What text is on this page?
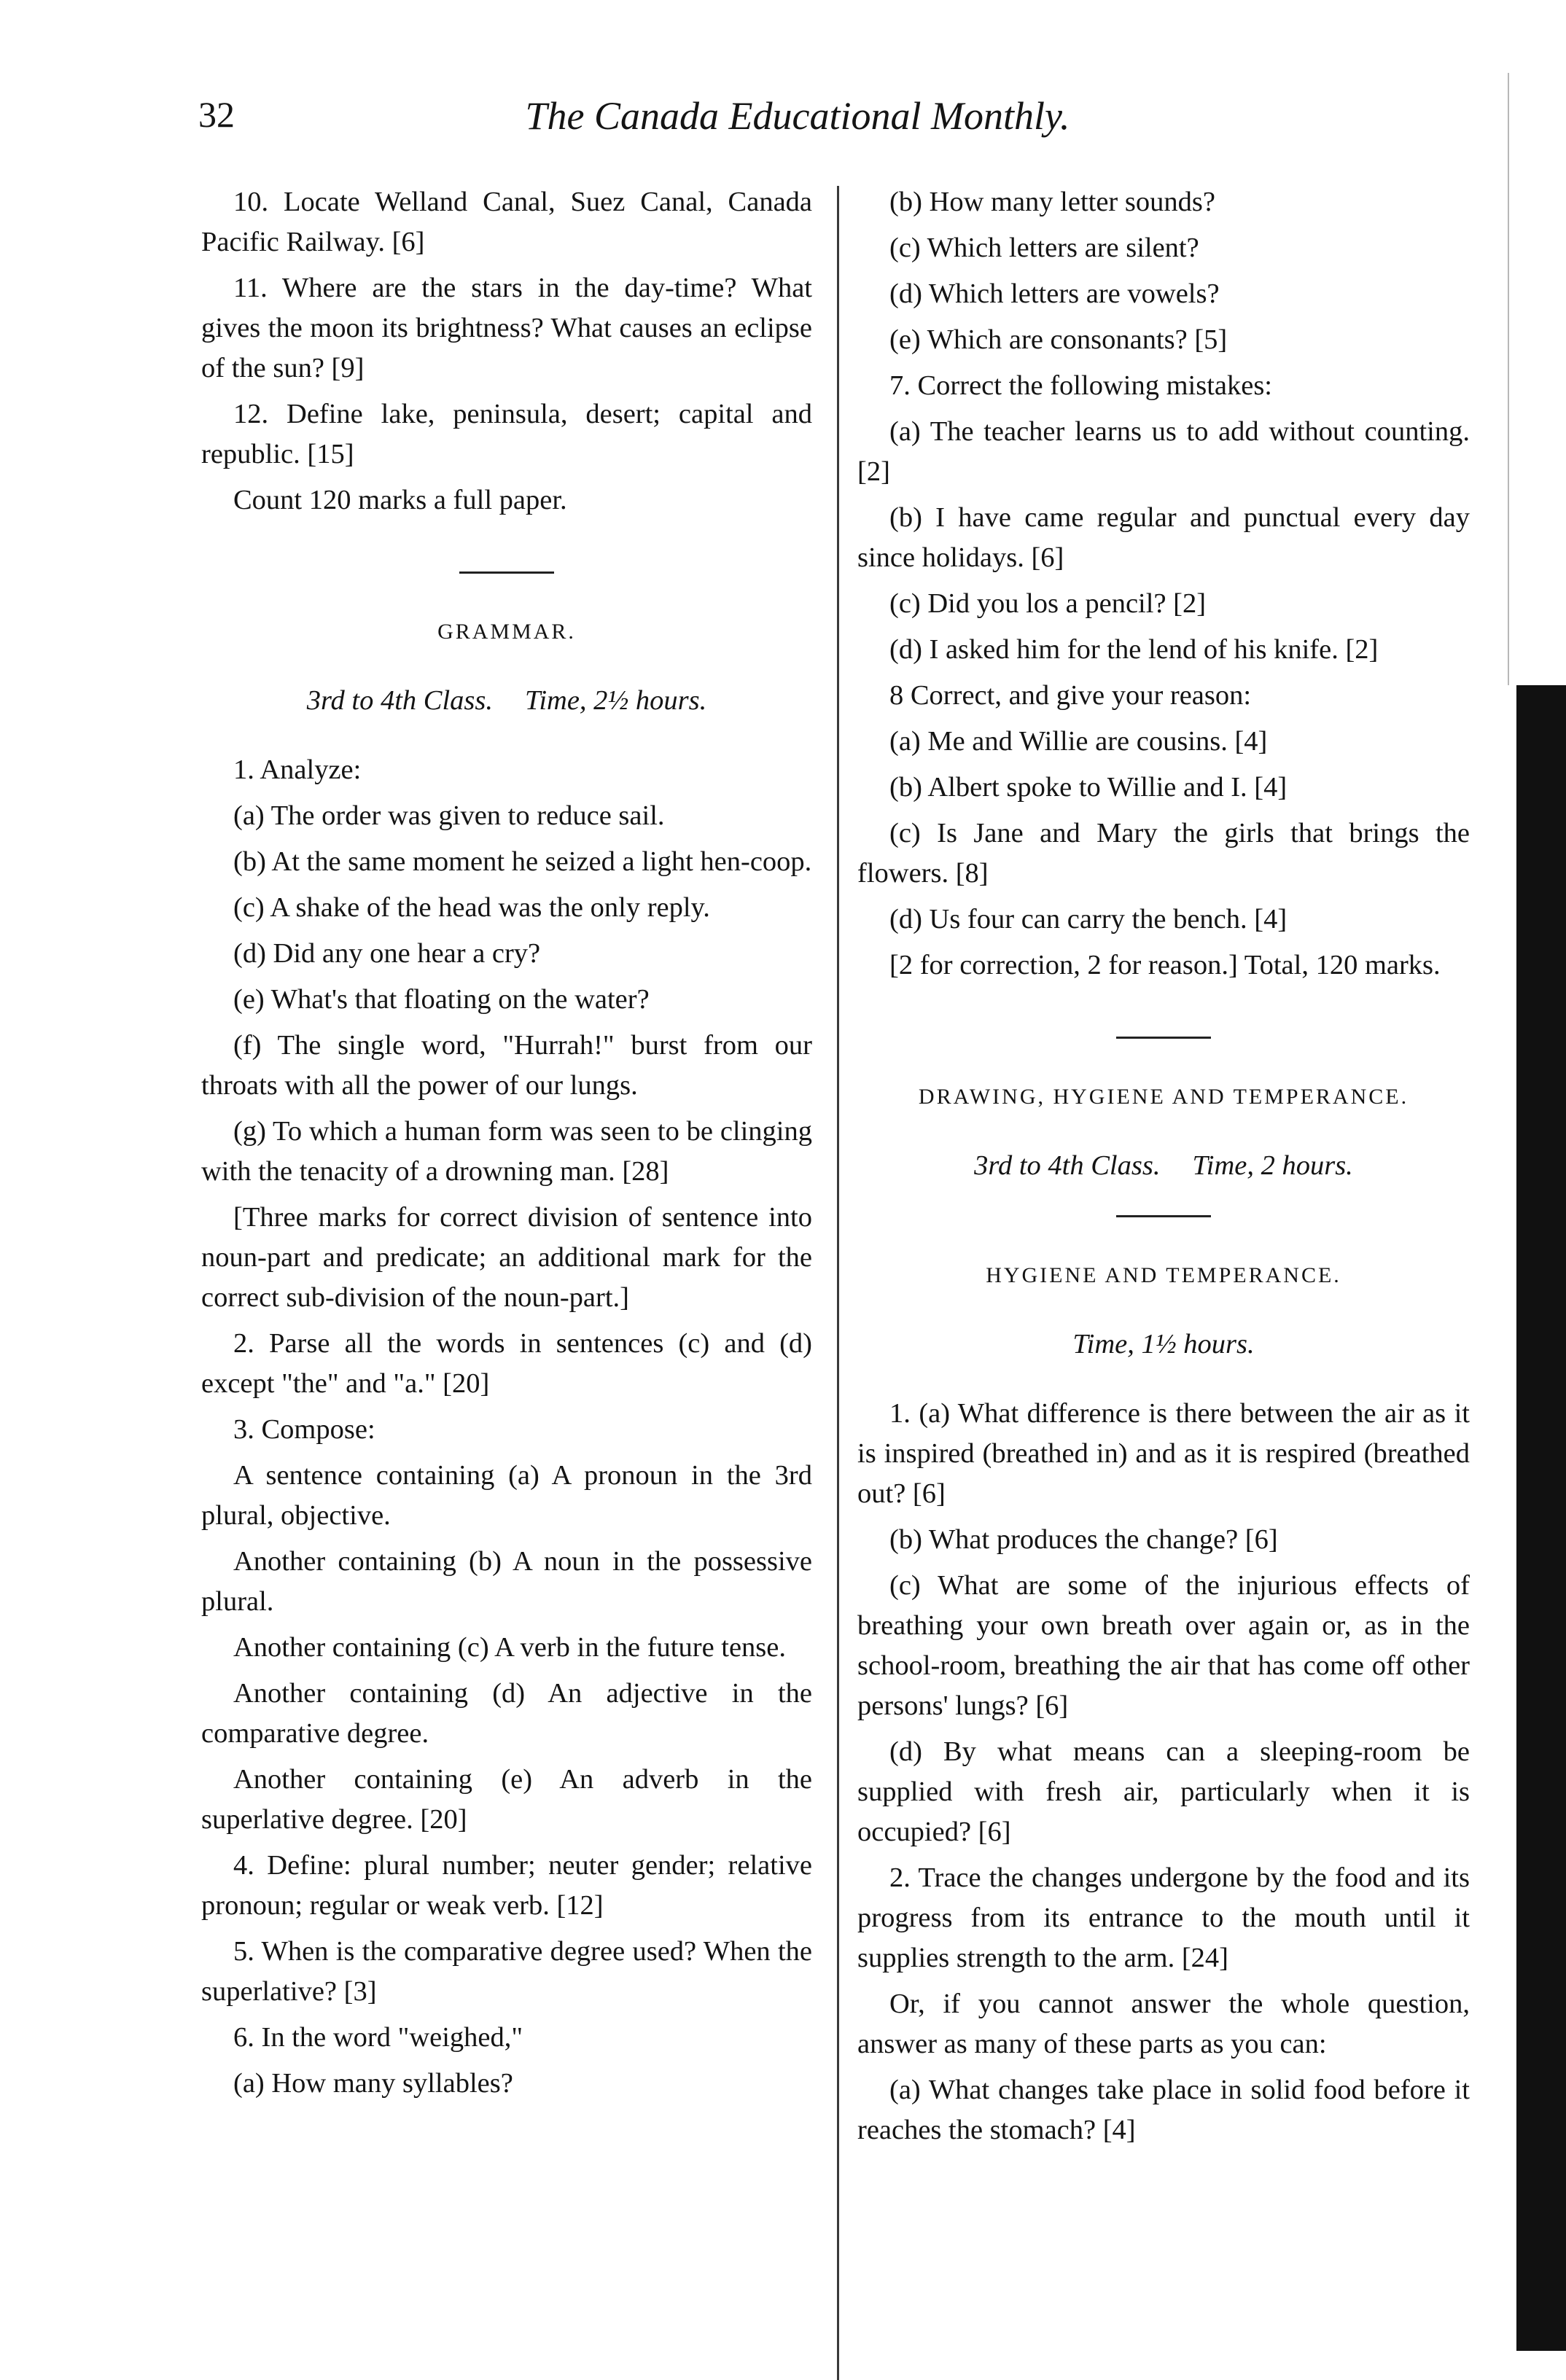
32	The Canada Educational Monthly.

10. Locate Welland Canal, Suez Canal, Canada Pacific Railway. [6]

11. Where are the stars in the day-time? What gives the moon its brightness? What causes an eclipse of the sun? [9]

12. Define lake, peninsula, desert; capital and republic. [15]

Count 120 marks a full paper.

GRAMMAR.
3rd to 4th Class. Time, 2½ hours.

1. Analyze:

(a) The order was given to reduce sail.

(b) At the same moment he seized a light hen-coop.

(c) A shake of the head was the only reply.

(d) Did any one hear a cry?

(e) What's that floating on the water?

(f) The single word, "Hurrah!" burst from our throats with all the power of our lungs.

(g) To which a human form was seen to be clinging with the tenacity of a drowning man. [28]

[Three marks for correct division of sentence into noun-part and predicate; an additional mark for the correct sub-division of the noun-part.]

2. Parse all the words in sentences (c) and (d) except "the" and "a." [20]

3. Compose:

A sentence containing (a) A pronoun in the 3rd plural, objective.

Another containing (b) A noun in the possessive plural.

Another containing (c) A verb in the future tense.

Another containing (d) An adjective in the comparative degree.

Another containing (e) An adverb in the superlative degree. [20]

4. Define: plural number; neuter gender; relative pronoun; regular or weak verb. [12]

5. When is the comparative degree used? When the superlative? [3]

6. In the word "weighed,"

(a) How many syllables?

(b) How many letter sounds?

(c) Which letters are silent?

(d) Which letters are vowels?

(e) Which are consonants? [5]

7. Correct the following mistakes:

(a) The teacher learns us to add without counting. [2]

(b) I have came regular and punctual every day since holidays. [6]

(c) Did you los a pencil? [2]

(d) I asked him for the lend of his knife. [2]

8 Correct, and give your reason:

(a) Me and Willie are cousins. [4]

(b) Albert spoke to Willie and I. [4]

(c) Is Jane and Mary the girls that brings the flowers. [8]

(d) Us four can carry the bench. [4]

[2 for correction, 2 for reason.] Total, 120 marks.

DRAWING, HYGIENE AND TEMPERANCE.
3rd to 4th Class. Time, 2 hours.
HYGIENE AND TEMPERANCE.
Time, 1½ hours.

1. (a) What difference is there between the air as it is inspired (breathed in) and as it is respired (breathed out? [6]

(b) What produces the change? [6]

(c) What are some of the injurious effects of breathing your own breath over again or, as in the school-room, breathing the air that has come off other persons' lungs? [6]

(d) By what means can a sleeping-room be supplied with fresh air, particularly when it is occupied? [6]

2. Trace the changes undergone by the food and its progress from its entrance to the mouth until it supplies strength to the arm. [24]

Or, if you cannot answer the whole question, answer as many of these parts as you can:

(a) What changes take place in solid food before it reaches the stomach? [4]
